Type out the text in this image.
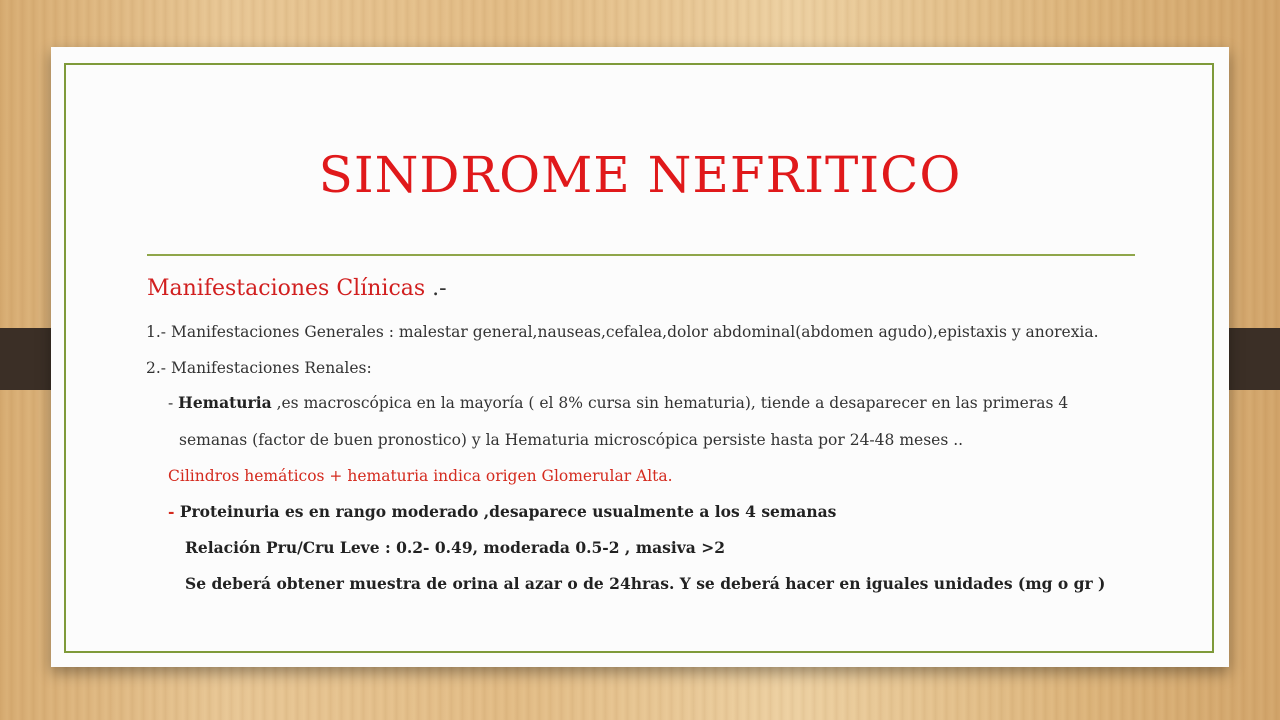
SINDROME NEFRITICO
Manifestaciones Clínicas .-
1.- Manifestaciones Generales : malestar general,nauseas,cefalea,dolor abdominal(abdomen agudo),epistaxis y anorexia.
2.- Manifestaciones Renales:
- Hematuria ,es macroscópica en la mayoría ( el 8% cursa sin hematuria), tiende a desaparecer en las primeras 4
semanas (factor de buen pronostico) y la Hematuria microscópica persiste hasta por 24-48 meses ..
Cilindros hemáticos + hematuria indica origen Glomerular Alta.
- Proteinuria es en rango moderado ,desaparece usualmente a los 4 semanas
Relación Pru/Cru Leve : 0.2- 0.49, moderada 0.5-2 , masiva >2
Se deberá obtener muestra de orina al azar o de 24hras. Y se deberá hacer en iguales unidades (mg o gr )
